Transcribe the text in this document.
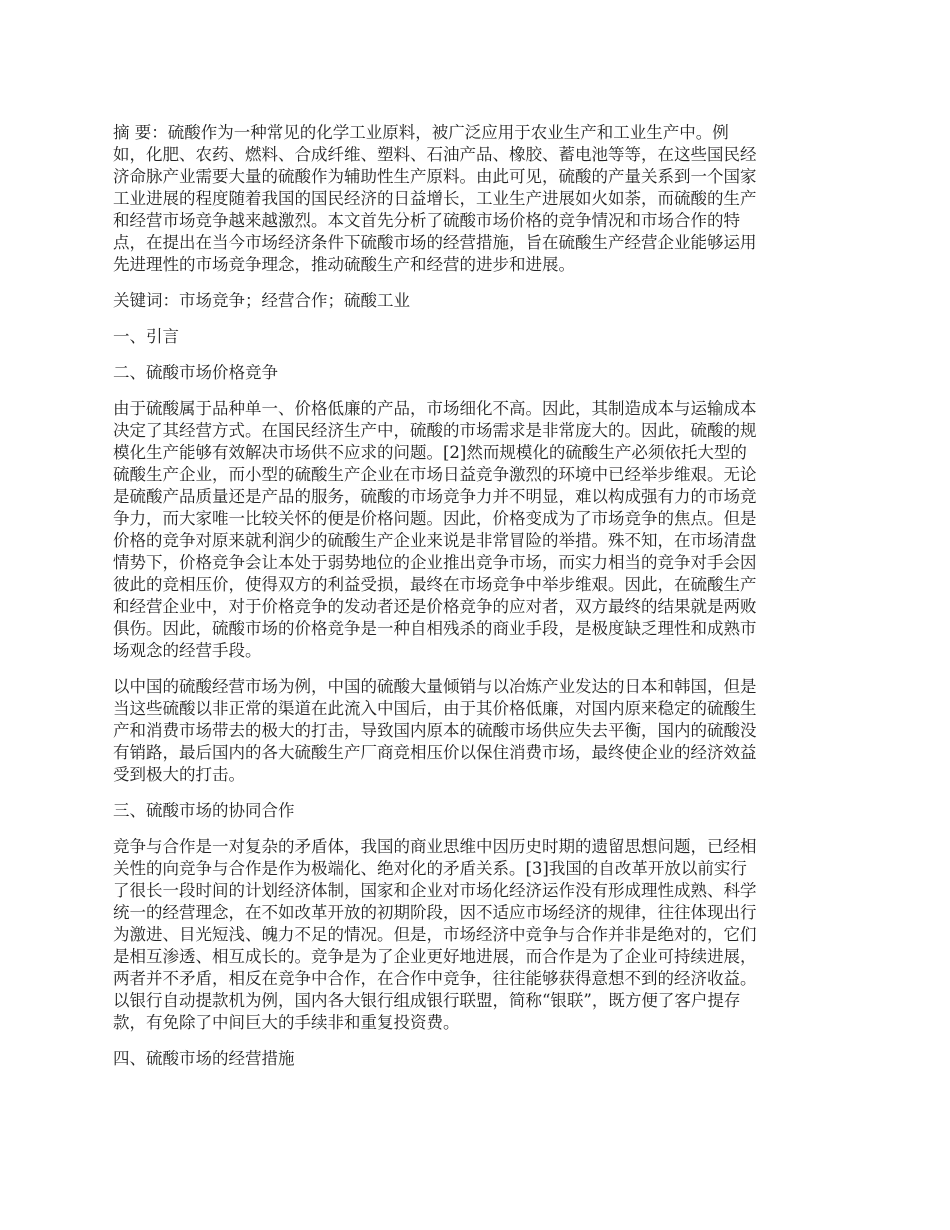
摘 要：硫酸作为一种常见的化学工业原料，被广泛应用于农业生产和工业生产中。例
如，化肥、农药、燃料、合成纤维、塑料、石油产品、橡胶、蓄电池等等，在这些国民经
济命脉产业需要大量的硫酸作为辅助性生产原料。由此可见，硫酸的产量关系到一个国家
工业进展的程度随着我国的国民经济的日益增长，工业生产进展如火如荼，而硫酸的生产
和经营市场竞争越来越激烈。本文首先分析了硫酸市场价格的竞争情况和市场合作的特
点，在提出在当今市场经济条件下硫酸市场的经营措施，旨在硫酸生产经营企业能够运用
先进理性的市场竞争理念，推动硫酸生产和经营的进步和进展。

关键词：市场竞争；经营合作；硫酸工业

一、引言

二、硫酸市场价格竞争

由于硫酸属于品种单一、价格低廉的产品，市场细化不高。因此，其制造成本与运输成本
决定了其经营方式。在国民经济生产中，硫酸的市场需求是非常庞大的。因此，硫酸的规
模化生产能够有效解决市场供不应求的问题。[2]然而规模化的硫酸生产必须依托大型的
硫酸生产企业，而小型的硫酸生产企业在市场日益竞争激烈的环境中已经举步维艰。无论
是硫酸产品质量还是产品的服务，硫酸的市场竞争力并不明显，难以构成强有力的市场竞
争力，而大家唯一比较关怀的便是价格问题。因此，价格变成为了市场竞争的焦点。但是
价格的竞争对原来就利润少的硫酸生产企业来说是非常冒险的举措。殊不知，在市场清盘
情势下，价格竞争会让本处于弱势地位的企业推出竞争市场，而实力相当的竞争对手会因
彼此的竞相压价，使得双方的利益受损，最终在市场竞争中举步维艰。因此，在硫酸生产
和经营企业中，对于价格竞争的发动者还是价格竞争的应对者，双方最终的结果就是两败
俱伤。因此，硫酸市场的价格竞争是一种自相残杀的商业手段，是极度缺乏理性和成熟市
场观念的经营手段。

以中国的硫酸经营市场为例，中国的硫酸大量倾销与以冶炼产业发达的日本和韩国，但是
当这些硫酸以非正常的渠道在此流入中国后，由于其价格低廉，对国内原来稳定的硫酸生
产和消费市场带去的极大的打击，导致国内原本的硫酸市场供应失去平衡，国内的硫酸没
有销路，最后国内的各大硫酸生产厂商竞相压价以保住消费市场，最终使企业的经济效益
受到极大的打击。

三、硫酸市场的协同合作

竞争与合作是一对复杂的矛盾体，我国的商业思维中因历史时期的遗留思想问题，已经相
关性的向竞争与合作是作为极端化、绝对化的矛盾关系。[3]我国的自改革开放以前实行
了很长一段时间的计划经济体制，国家和企业对市场化经济运作没有形成理性成熟、科学
统一的经营理念，在不如改革开放的初期阶段，因不适应市场经济的规律，往往体现出行
为激进、目光短浅、魄力不足的情况。但是，市场经济中竞争与合作并非是绝对的，它们
是相互渗透、相互成长的。竞争是为了企业更好地进展，而合作是为了企业可持续进展，
两者并不矛盾，相反在竞争中合作，在合作中竞争，往往能够获得意想不到的经济收益。
以银行自动提款机为例，国内各大银行组成银行联盟，简称“银联”，既方便了客户提存
款，有免除了中间巨大的手续非和重复投资费。

四、硫酸市场的经营措施
